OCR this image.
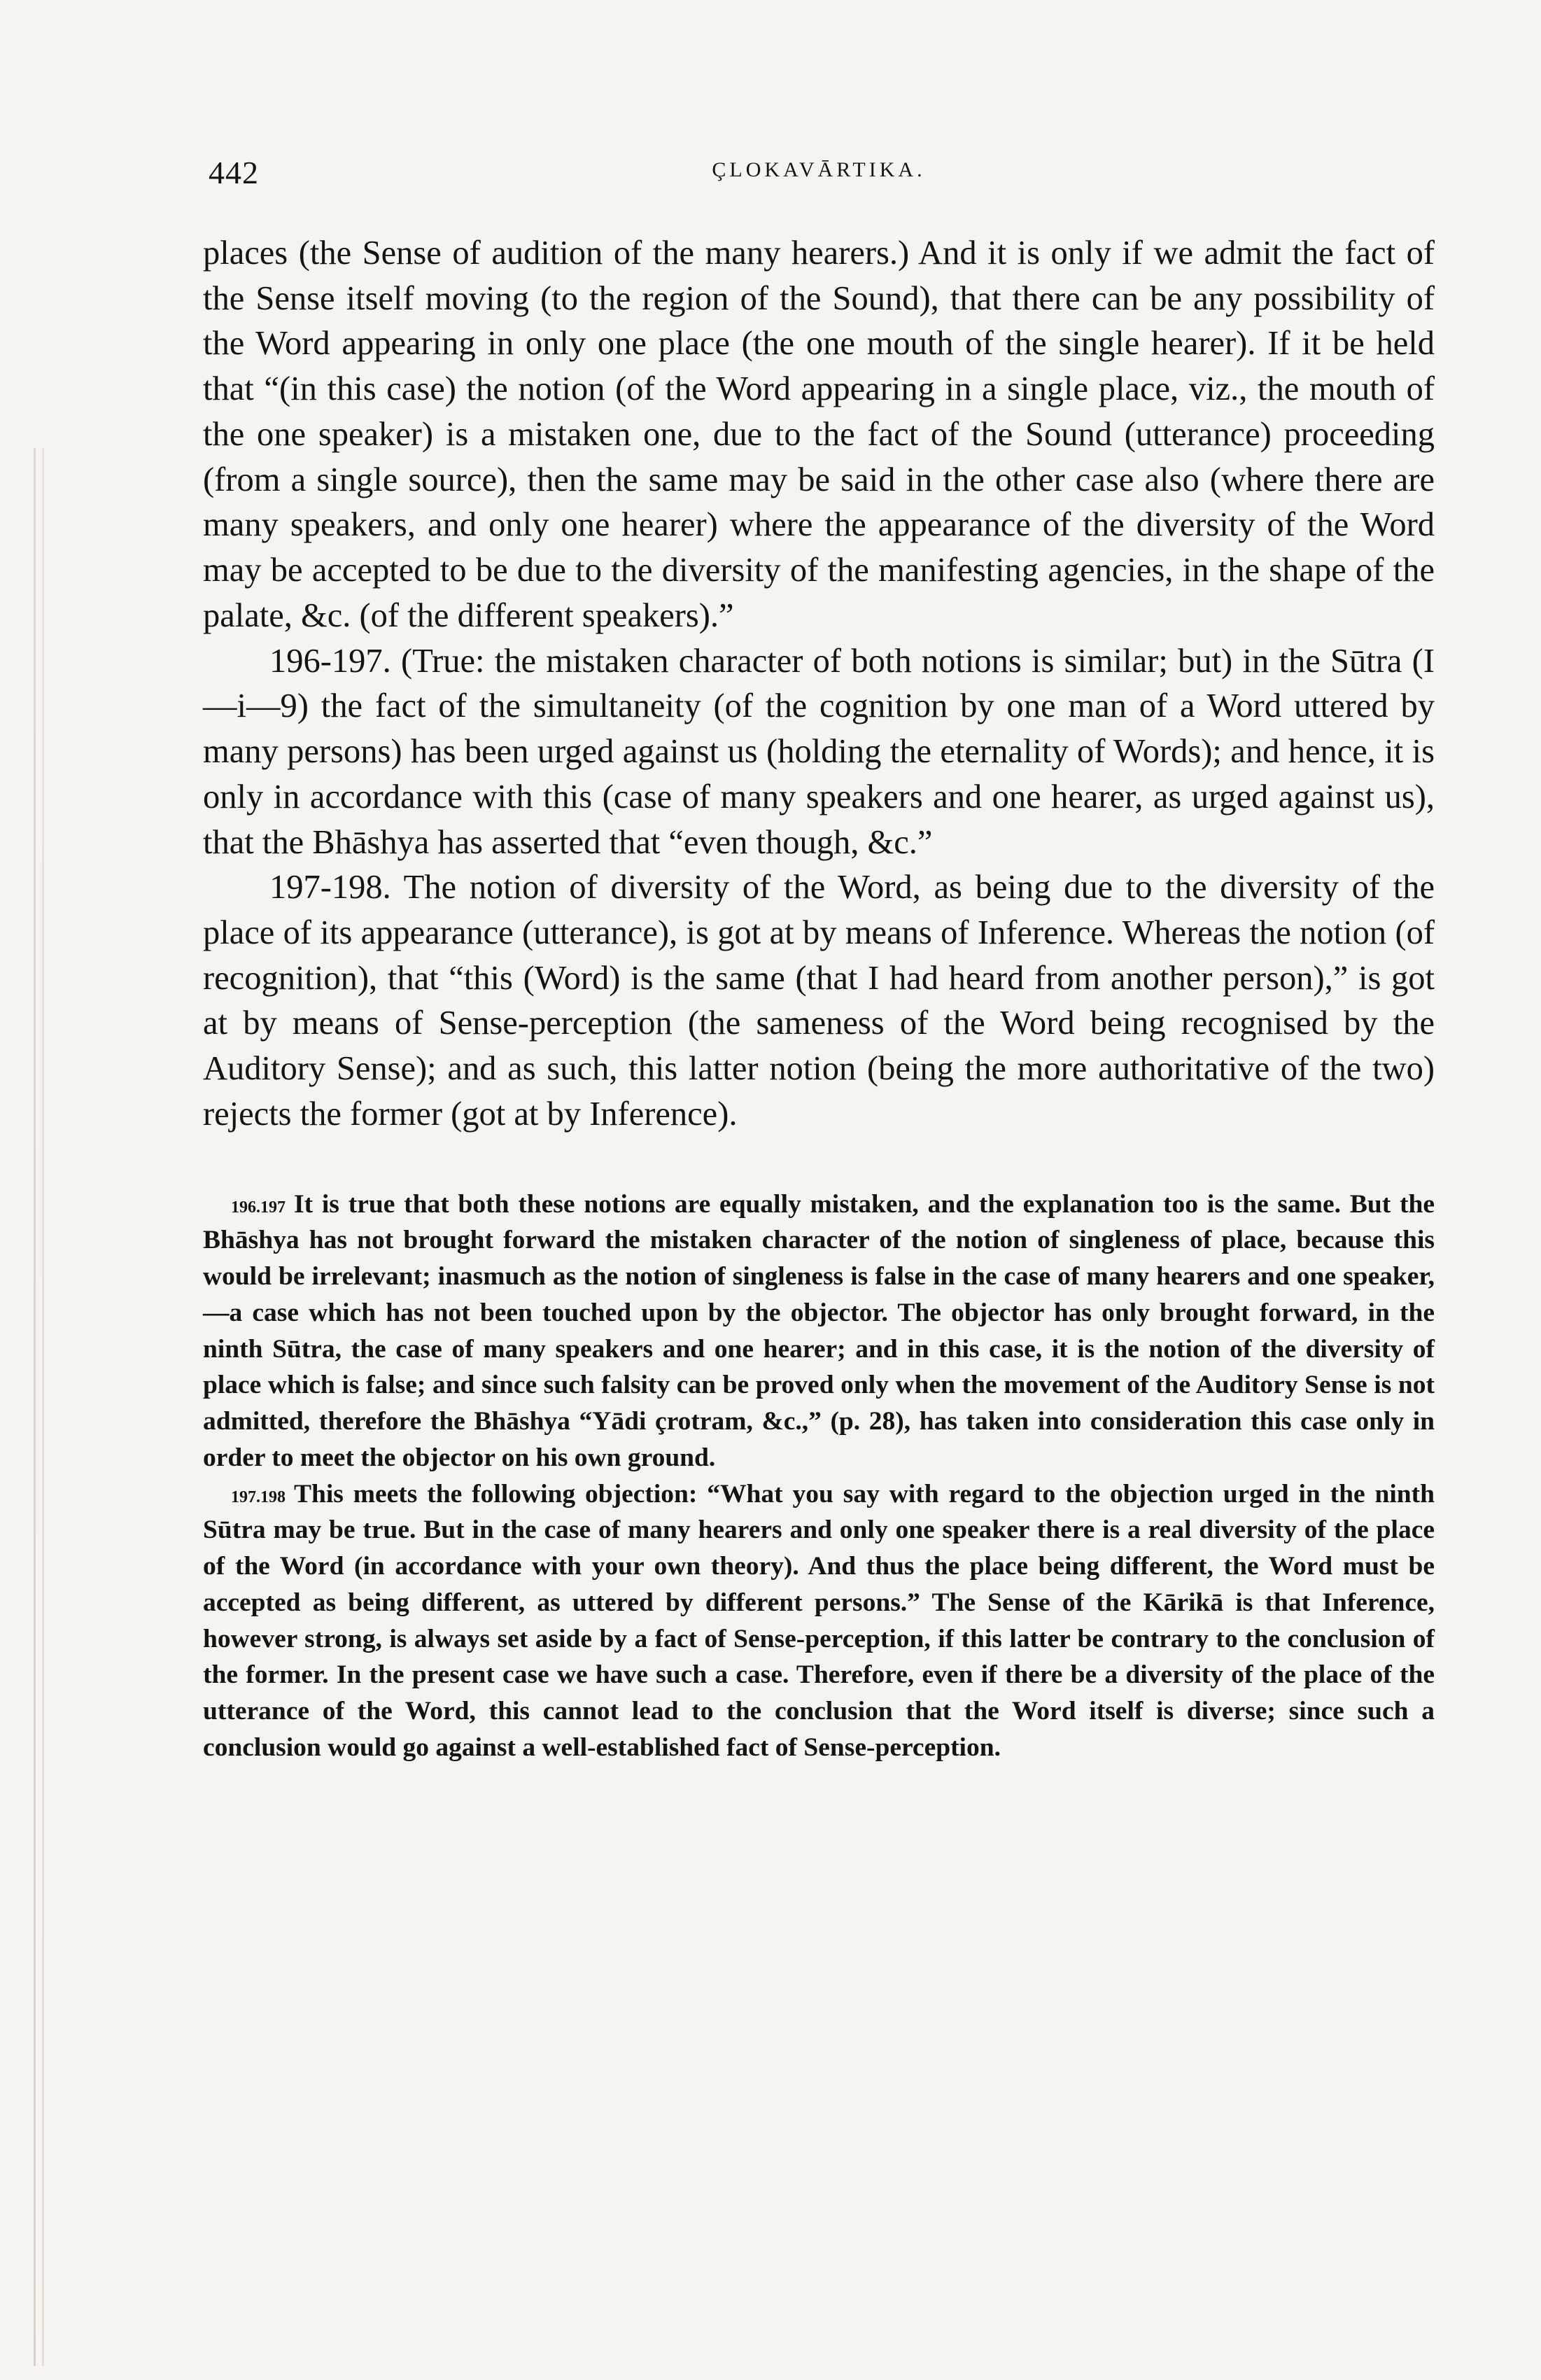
442	ÇLOKAVĀRTIKA.

places (the Sense of audition of the many hearers.) And it is only if we admit the fact of the Sense itself moving (to the region of the Sound), that there can be any possibility of the Word appearing in only one place (the one mouth of the single hearer). If it be held that “(in this case) the notion (of the Word appearing in a single place, viz., the mouth of the one speaker) is a mistaken one, due to the fact of the Sound (utterance) proceeding (from a single source), then the same may be said in the other case also (where there are many speakers, and only one hearer) where the appearance of the diversity of the Word may be accepted to be due to the diversity of the manifesting agencies, in the shape of the palate, &c. (of the different speakers).”

196-197. (True: the mistaken character of both notions is similar; but) in the Sūtra (I—i—9) the fact of the simultaneity (of the cognition by one man of a Word uttered by many persons) has been urged against us (holding the eternality of Words); and hence, it is only in accordance with this (case of many speakers and one hearer, as urged against us), that the Bhāshya has asserted that “even though, &c.”

197-198. The notion of diversity of the Word, as being due to the diversity of the place of its appearance (utterance), is got at by means of Inference. Whereas the notion (of recognition), that “this (Word) is the same (that I had heard from another person),” is got at by means of Sense-perception (the sameness of the Word being recognised by the Auditory Sense); and as such, this latter notion (being the more authoritative of the two) rejects the former (got at by Inference).

196.197 It is true that both these notions are equally mistaken, and the explanation too is the same. But the Bhāshya has not brought forward the mistaken character of the notion of singleness of place, because this would be irrelevant; inasmuch as the notion of singleness is false in the case of many hearers and one speaker,—a case which has not been touched upon by the objector. The objector has only brought forward, in the ninth Sūtra, the case of many speakers and one hearer; and in this case, it is the notion of the diversity of place which is false; and since such falsity can be proved only when the movement of the Auditory Sense is not admitted, therefore the Bhāshya “Yādi çrotram, &c.,” (p. 28), has taken into consideration this case only in order to meet the objector on his own ground.

197.198 This meets the following objection: “What you say with regard to the objection urged in the ninth Sūtra may be true. But in the case of many hearers and only one speaker there is a real diversity of the place of the Word (in accordance with your own theory). And thus the place being different, the Word must be accepted as being different, as uttered by different persons.” The Sense of the Kārikā is that Inference, however strong, is always set aside by a fact of Sense-perception, if this latter be contrary to the conclusion of the former. In the present case we have such a case. Therefore, even if there be a diversity of the place of the utterance of the Word, this cannot lead to the conclusion that the Word itself is diverse; since such a conclusion would go against a well-established fact of Sense-perception.
